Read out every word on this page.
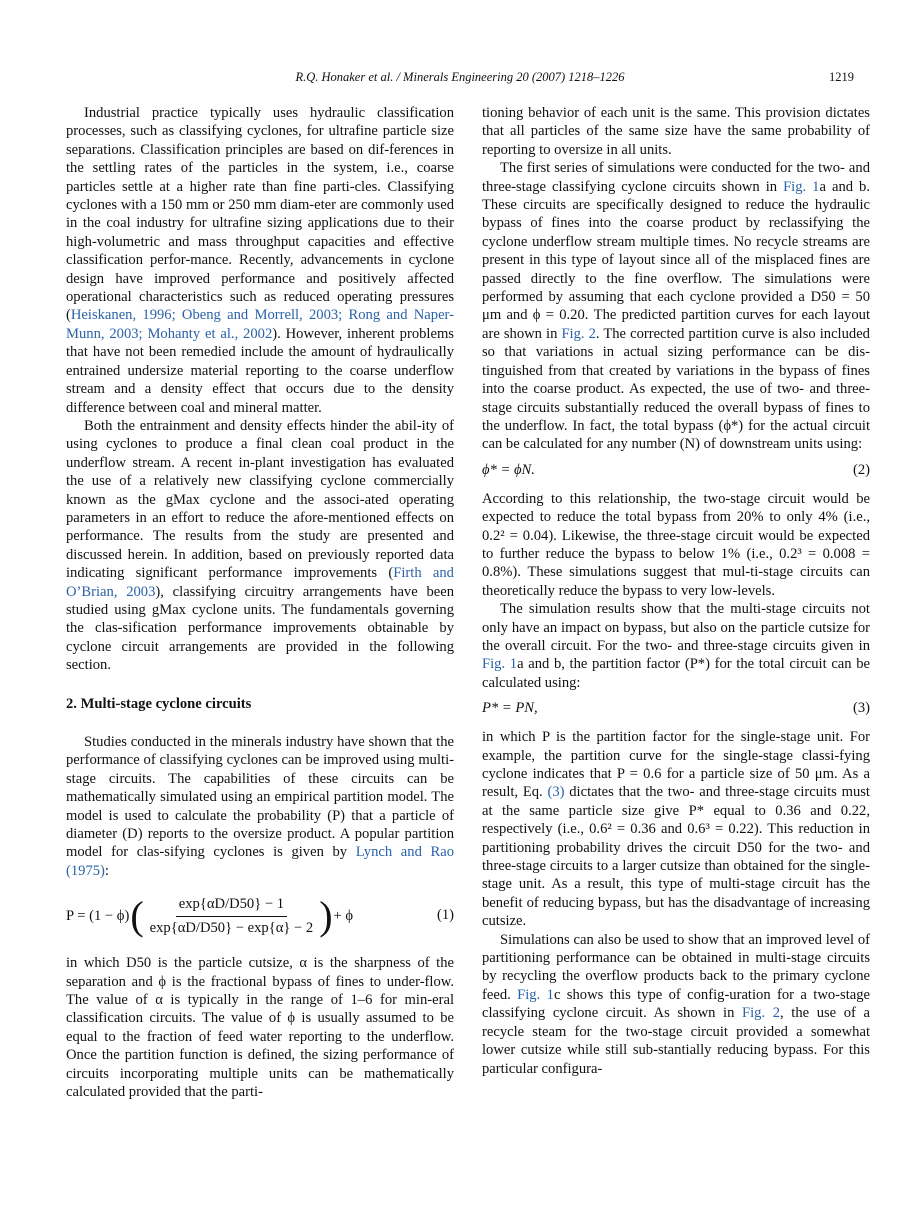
R.Q. Honaker et al. / Minerals Engineering 20 (2007) 1218–1226	1219

Industrial practice typically uses hydraulic classification processes, such as classifying cyclones, for ultrafine particle size separations. Classification principles are based on dif-ferences in the settling rates of the particles in the system, i.e., coarse particles settle at a higher rate than fine parti-cles. Classifying cyclones with a 150 mm or 250 mm diam-eter are commonly used in the coal industry for ultrafine sizing applications due to their high-volumetric and mass throughput capacities and effective classification perfor-mance. Recently, advancements in cyclone design have improved performance and positively affected operational characteristics such as reduced operating pressures (Heiskanen, 1996; Obeng and Morrell, 2003; Rong and Naper-Munn, 2003; Mohanty et al., 2002). However, inherent problems that have not been remedied include the amount of hydraulically entrained undersize material reporting to the coarse underflow stream and a density effect that occurs due to the density difference between coal and mineral matter.

Both the entrainment and density effects hinder the abil-ity of using cyclones to produce a final clean coal product in the underflow stream. A recent in-plant investigation has evaluated the use of a relatively new classifying cyclone commercially known as the gMax cyclone and the associ-ated operating parameters in an effort to reduce the afore-mentioned effects on performance. The results from the study are presented and discussed herein. In addition, based on previously reported data indicating significant performance improvements (Firth and O’Brian, 2003), classifying circuitry arrangements have been studied using gMax cyclone units. The fundamentals governing the clas-sification performance improvements obtainable by cyclone circuit arrangements are provided in the following section.

2. Multi-stage cyclone circuits

Studies conducted in the minerals industry have shown that the performance of classifying cyclones can be improved using multi-stage circuits. The capabilities of these circuits can be mathematically simulated using an empirical partition model. The model is used to calculate the probability (P) that a particle of diameter (D) reports to the oversize product. A popular partition model for clas-sifying cyclones is given by Lynch and Rao (1975):

P = (1 − ϕ) ( $\frac{\exp\{\alpha D/D50\} - 1}{\exp\{\alpha D/D50\} - \exp\{\alpha\} - 2}$ ) + ϕ	(1)

in which D50 is the particle cutsize, α is the sharpness of the separation and ϕ is the fractional bypass of fines to under-flow. The value of α is typically in the range of 1–6 for min-eral classification circuits. The value of ϕ is usually assumed to be equal to the fraction of feed water reporting to the underflow. Once the partition function is defined, the sizing performance of circuits incorporating multiple units can be mathematically calculated provided that the parti-

tioning behavior of each unit is the same. This provision dictates that all particles of the same size have the same probability of reporting to oversize in all units.

The first series of simulations were conducted for the two- and three-stage classifying cyclone circuits shown in Fig. 1a and b. These circuits are specifically designed to reduce the hydraulic bypass of fines into the coarse product by reclassifying the cyclone underflow stream multiple times. No recycle streams are present in this type of layout since all of the misplaced fines are passed directly to the fine overflow. The simulations were performed by assuming that each cyclone provided a D50 = 50 μm and ϕ = 0.20. The predicted partition curves for each layout are shown in Fig. 2. The corrected partition curve is also included so that variations in actual sizing performance can be dis-tinguished from that created by variations in the bypass of fines into the coarse product. As expected, the use of two- and three-stage circuits substantially reduced the overall bypass of fines to the underflow. In fact, the total bypass (ϕ*) for the actual circuit can be calculated for any number (N) of downstream units using:

ϕ* = ϕN.	(2)

According to this relationship, the two-stage circuit would be expected to reduce the total bypass from 20% to only 4% (i.e., 0.2² = 0.04). Likewise, the three-stage circuit would be expected to further reduce the bypass to below 1% (i.e., 0.2³ = 0.008 = 0.8%). These simulations suggest that mul-ti-stage circuits can theoretically reduce the bypass to very low-levels.

The simulation results show that the multi-stage circuits not only have an impact on bypass, but also on the particle cutsize for the overall circuit. For the two- and three-stage circuits given in Fig. 1a and b, the partition factor (P*) for the total circuit can be calculated using:

P* = PN,	(3)

in which P is the partition factor for the single-stage unit. For example, the partition curve for the single-stage classi-fying cyclone indicates that P = 0.6 for a particle size of 50 μm. As a result, Eq. (3) dictates that the two- and three-stage circuits must at the same particle size give P* equal to 0.36 and 0.22, respectively (i.e., 0.6² = 0.36 and 0.6³ = 0.22). This reduction in partitioning probability drives the circuit D50 for the two- and three-stage circuits to a larger cutsize than obtained for the single-stage unit. As a result, this type of multi-stage circuit has the benefit of reducing bypass, but has the disadvantage of increasing cutsize.

Simulations can also be used to show that an improved level of partitioning performance can be obtained in multi-stage circuits by recycling the overflow products back to the primary cyclone feed. Fig. 1c shows this type of config-uration for a two-stage classifying cyclone circuit. As shown in Fig. 2, the use of a recycle steam for the two-stage circuit provided a somewhat lower cutsize while still sub-stantially reducing bypass. For this particular configura-
